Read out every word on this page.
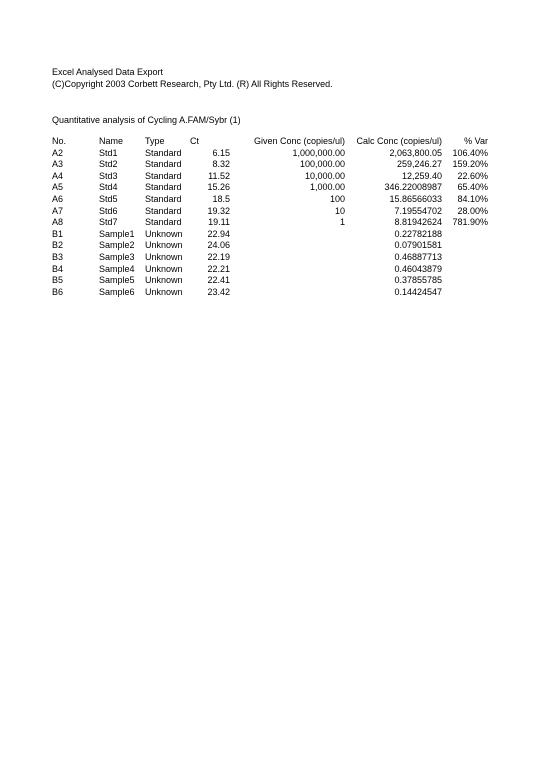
Excel Analysed Data Export
(C)Copyright 2003 Corbett Research, Pty Ltd. (R) All Rights Reserved.
Quantitative analysis of Cycling A.FAM/Sybr (1)
No.	Name	Type	Ct	Given Conc (copies/ul)	Calc Conc (copies/ul)	% Var
A2	Std1	Standard	6.15	1,000,000.00	2,063,800.05	106.40%
A3	Std2	Standard	8.32	100,000.00	259,246.27	159.20%
A4	Std3	Standard	11.52	10,000.00	12,259.40	22.60%
A5	Std4	Standard	15.26	1,000.00	346.22008987	65.40%
A6	Std5	Standard	18.5	100	15.86566033	84.10%
A7	Std6	Standard	19.32	10	7.19554702	28.00%
A8	Std7	Standard	19.11	1	8.81942624	781.90%
B1	Sample1	Unknown	22.94		0.22782188	
B2	Sample2	Unknown	24.06		0.07901581	
B3	Sample3	Unknown	22.19		0.46887713	
B4	Sample4	Unknown	22.21		0.46043879	
B5	Sample5	Unknown	22.41		0.37855785	
B6	Sample6	Unknown	23.42		0.14424547	
